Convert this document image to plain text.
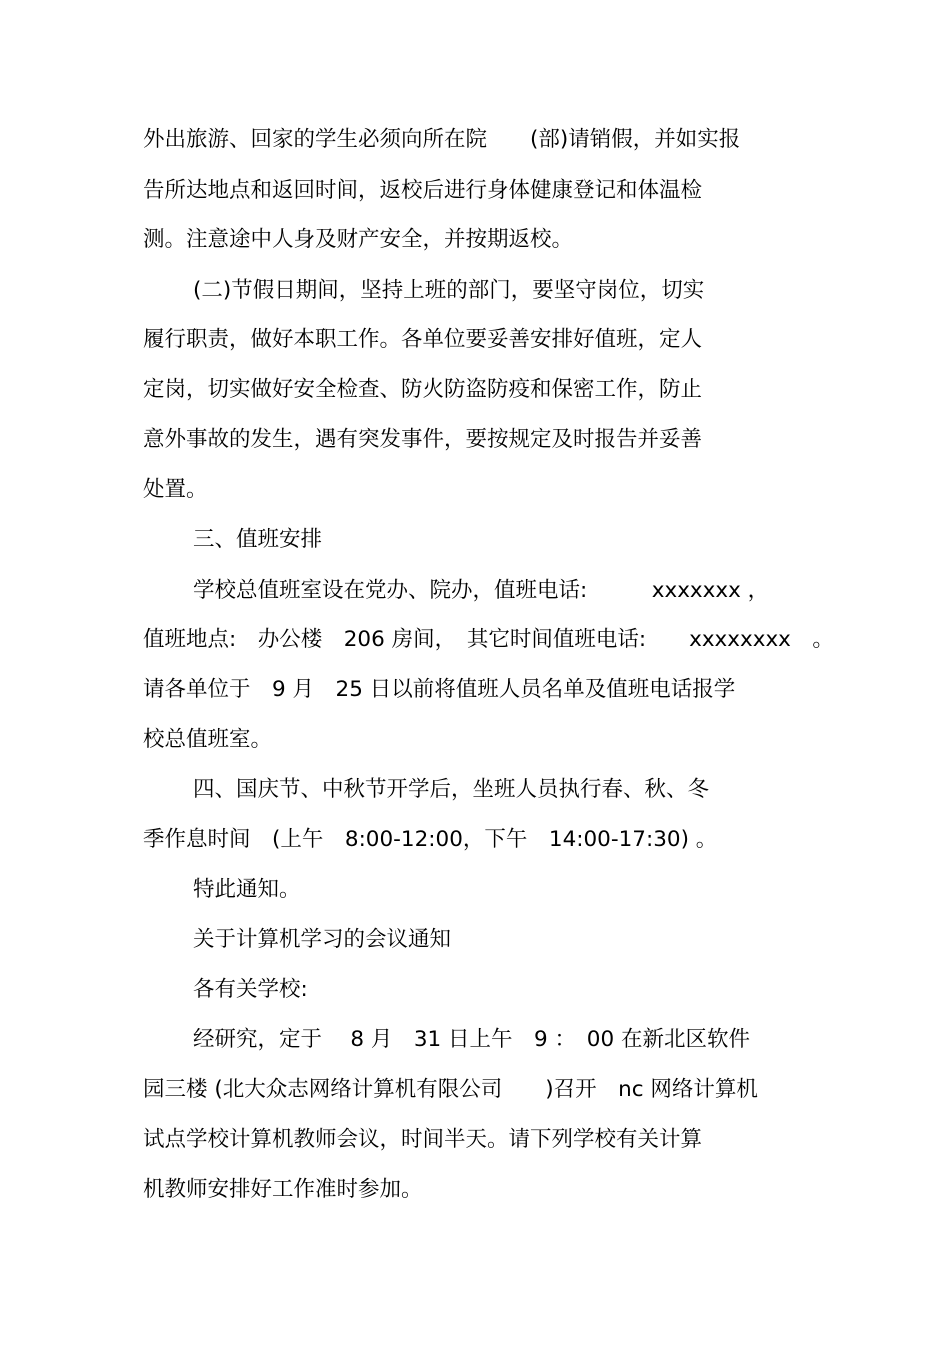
外出旅游、回家的学生必须向所在院　　(部)请销假，并如实报

告所达地点和返回时间，返校后进行身体健康登记和体温检

测。注意途中人身及财产安全，并按期返校。

(二)节假日期间，坚持上班的部门，要坚守岗位，切实

履行职责，做好本职工作。各单位要妥善安排好值班，定人

定岗，切实做好安全检查、防火防盗防疫和保密工作，防止

意外事故的发生，遇有突发事件，要按规定及时报告并妥善

处置。

三、值班安排

学校总值班室设在党办、院办，值班电话:　　　xxxxxxx ，

值班地点:　办公楼　206 房间，　其它时间值班电话:　　xxxxxxxx　。

请各单位于　9 月　25 日以前将值班人员名单及值班电话报学

校总值班室。

四、国庆节、中秋节开学后，坐班人员执行春、秋、冬

季作息时间　(上午　8:00-12:00，下午　14:00-17:30) 。

特此通知。

关于计算机学习的会议通知

各有关学校:

经研究，定于　 8 月　31 日上午　9 ：　00 在新北区软件

园三楼 (北大众志网络计算机有限公司　　)召开　nc 网络计算机

试点学校计算机教师会议，时间半天。请下列学校有关计算

机教师安排好工作准时参加。
